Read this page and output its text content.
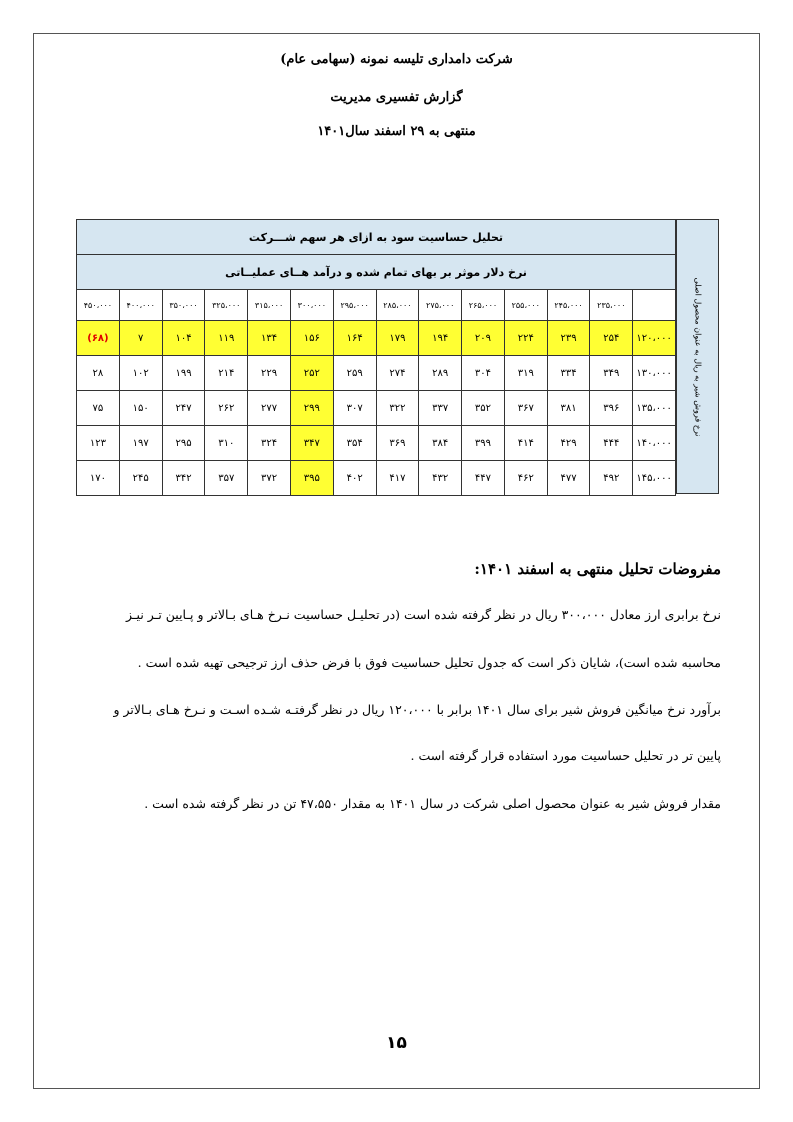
شرکت دامداری تلیسه نمونه (سهامی عام)
گزارش تفسیری مدیریت
منتهی به ۲۹ اسفند سال۱۴۰۱
نرخ فروش شیر به ریال به عنوان محصول اصلی
تحلیل حساسیت سود به ازای هر سهم شـــرکت													
نرخ دلار موثر بر بهای تمام شده و درآمد هــای عملیــاتی													
	۲۳۵،۰۰۰	۲۴۵،۰۰۰	۲۵۵،۰۰۰	۲۶۵،۰۰۰	۲۷۵،۰۰۰	۲۸۵،۰۰۰	۲۹۵،۰۰۰	۳۰۰،۰۰۰	۳۱۵،۰۰۰	۳۲۵،۰۰۰	۳۵۰،۰۰۰	۴۰۰،۰۰۰	۴۵۰،۰۰۰
۱۲۰،۰۰۰	۲۵۴	۲۳۹	۲۲۴	۲۰۹	۱۹۴	۱۷۹	۱۶۴	۱۵۶	۱۳۴	۱۱۹	۱۰۴	۷	(۶۸)
۱۳۰،۰۰۰	۳۴۹	۳۳۴	۳۱۹	۳۰۴	۲۸۹	۲۷۴	۲۵۹	۲۵۲	۲۲۹	۲۱۴	۱۹۹	۱۰۲	۲۸
۱۳۵،۰۰۰	۳۹۶	۳۸۱	۳۶۷	۳۵۲	۳۳۷	۳۲۲	۳۰۷	۲۹۹	۲۷۷	۲۶۲	۲۴۷	۱۵۰	۷۵
۱۴۰،۰۰۰	۴۴۴	۴۲۹	۴۱۴	۳۹۹	۳۸۴	۳۶۹	۳۵۴	۳۴۷	۳۲۴	۳۱۰	۲۹۵	۱۹۷	۱۲۳
۱۴۵،۰۰۰	۴۹۲	۴۷۷	۴۶۲	۴۴۷	۴۳۲	۴۱۷	۴۰۲	۳۹۵	۳۷۲	۳۵۷	۳۴۲	۲۴۵	۱۷۰
مفروضات تحلیل منتهی به اسفند ۱۴۰۱:
نرخ برابری ارز معادل ۳۰۰،۰۰۰ ریال در نظر گرفته شده است (در تحلیـل حساسیت نـرخ هـای بـالاتر و پـایین تـر نیـز
محاسبه شده است)، شایان ذکر است که جدول تحلیل حساسیت فوق با فرض حذف ارز ترجیحی تهیه شده است .
برآورد نرخ میانگین فروش شیر برای سال ۱۴۰۱ برابر با ۱۲۰،۰۰۰ ریال در نظر گرفتـه شـده اسـت و نـرخ هـای بـالاتر و
پایین تر در تحلیل حساسیت مورد استفاده قرار گرفته است .
مقدار فروش شیر به عنوان محصول اصلی شرکت در سال ۱۴۰۱ به مقدار ۴۷،۵۵۰ تن در نظر گرفته شده است .
۱۵
